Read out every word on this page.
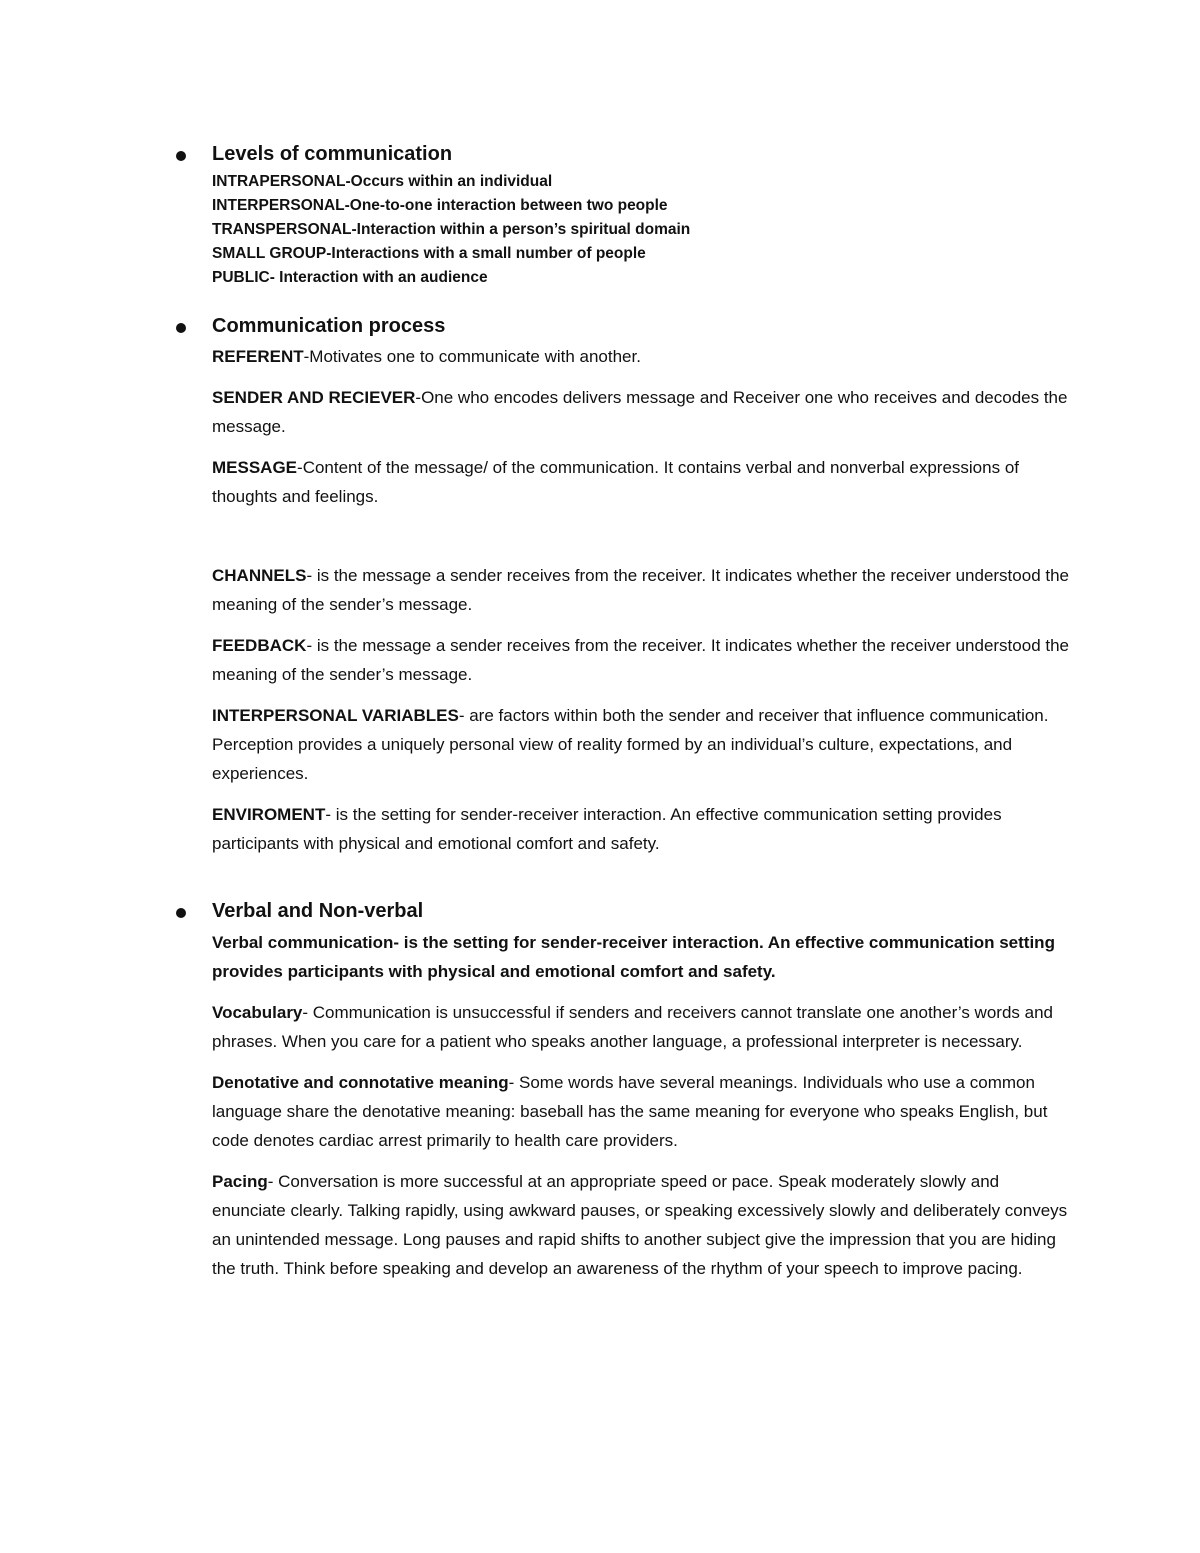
Levels of communication

INTRAPERSONAL-Occurs within an individual

INTERPERSONAL-One-to-one interaction between two people

TRANSPERSONAL-Interaction within a person’s spiritual domain

SMALL GROUP-Interactions with a small number of people

PUBLIC- Interaction with an audience

Communication process

REFERENT-Motivates one to communicate with another.

SENDER AND RECIEVER-One who encodes delivers message and Receiver one who receives and decodes the message.

MESSAGE-Content of the message/ of the communication. It contains verbal and nonverbal expressions of thoughts and feelings.

CHANNELS- is the message a sender receives from the receiver. It indicates whether the receiver understood the meaning of the sender’s message.

FEEDBACK- is the message a sender receives from the receiver. It indicates whether the receiver understood the meaning of the sender’s message.

INTERPERSONAL VARIABLES- are factors within both the sender and receiver that influence communication. Perception provides a uniquely personal view of reality formed by an individual’s culture, expectations, and experiences.

ENVIROMENT- is the setting for sender-receiver interaction. An effective communication setting provides participants with physical and emotional comfort and safety.

Verbal and Non-verbal

Verbal communication- is the setting for sender-receiver interaction. An effective communication setting provides participants with physical and emotional comfort and safety.

Vocabulary- Communication is unsuccessful if senders and receivers cannot translate one another’s words and phrases. When you care for a patient who speaks another language, a professional interpreter is necessary.

Denotative and connotative meaning- Some words have several meanings. Individuals who use a common language share the denotative meaning: baseball has the same meaning for everyone who speaks English, but code denotes cardiac arrest primarily to health care providers.

Pacing- Conversation is more successful at an appropriate speed or pace. Speak moderately slowly and enunciate clearly. Talking rapidly, using awkward pauses, or speaking excessively slowly and deliberately conveys an unintended message. Long pauses and rapid shifts to another subject give the impression that you are hiding the truth. Think before speaking and develop an awareness of the rhythm of your speech to improve pacing.
